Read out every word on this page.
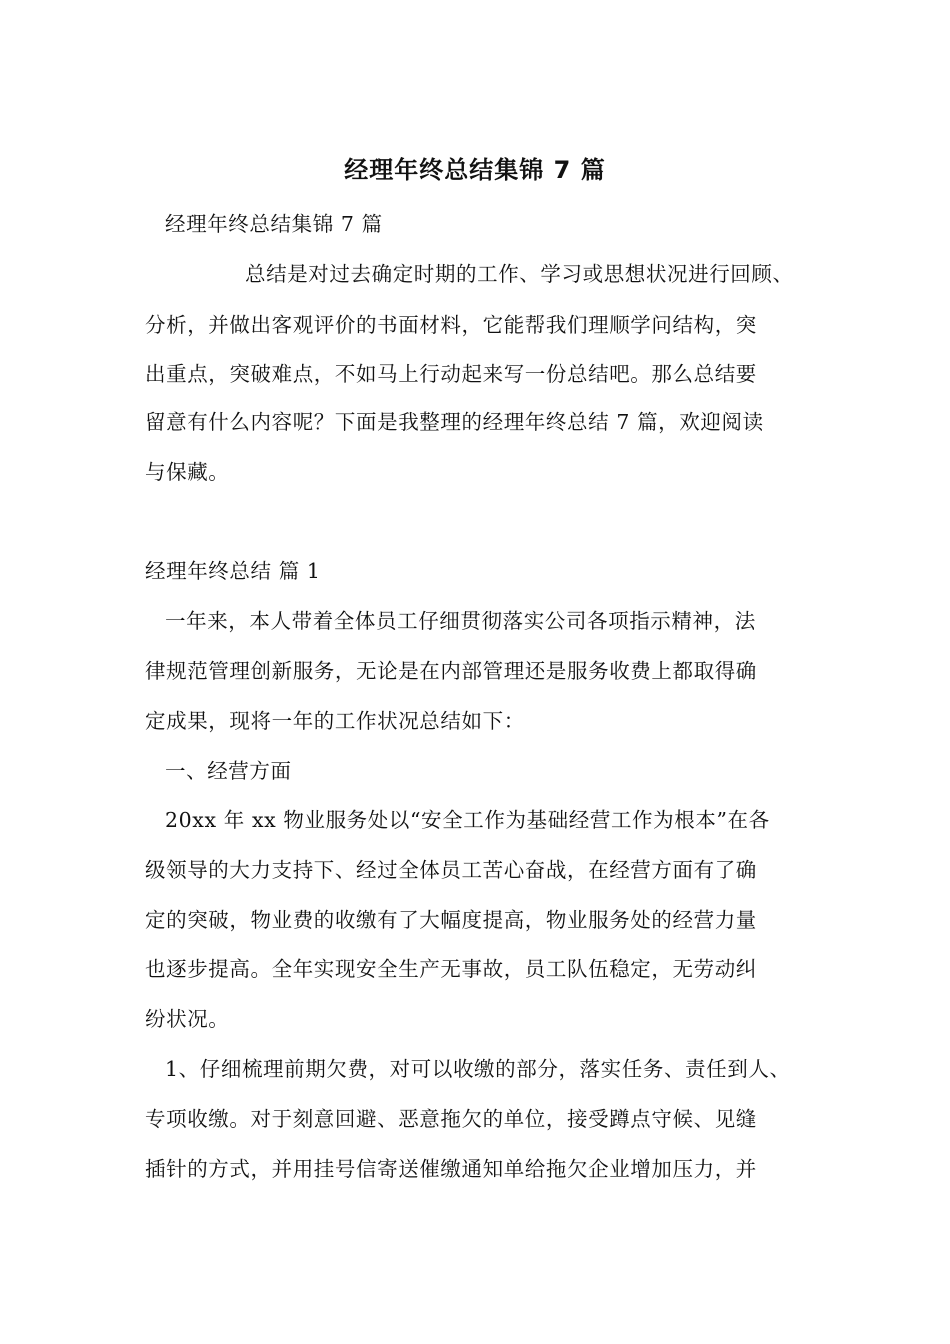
经理年终总结集锦 7 篇
经理年终总结集锦 7 篇
总结是对过去确定时期的工作、学习或思想状况进行回顾、
分析，并做出客观评价的书面材料，它能帮我们理顺学问结构，突
出重点，突破难点，不如马上行动起来写一份总结吧。那么总结要
留意有什么内容呢？下面是我整理的经理年终总结 7 篇，欢迎阅读
与保藏。
经理年终总结 篇 1
一年来，本人带着全体员工仔细贯彻落实公司各项指示精神，法
律规范管理创新服务，无论是在内部管理还是服务收费上都取得确
定成果，现将一年的工作状况总结如下：
一、经营方面
20xx 年 xx 物业服务处以“安全工作为基础经营工作为根本”在各
级领导的大力支持下、经过全体员工苦心奋战，在经营方面有了确
定的突破，物业费的收缴有了大幅度提高，物业服务处的经营力量
也逐步提高。全年实现安全生产无事故，员工队伍稳定，无劳动纠
纷状况。
1、仔细梳理前期欠费，对可以收缴的部分，落实任务、责任到人、
专项收缴。对于刻意回避、恶意拖欠的单位，接受蹲点守候、见缝
插针的方式，并用挂号信寄送催缴通知单给拖欠企业增加压力，并
